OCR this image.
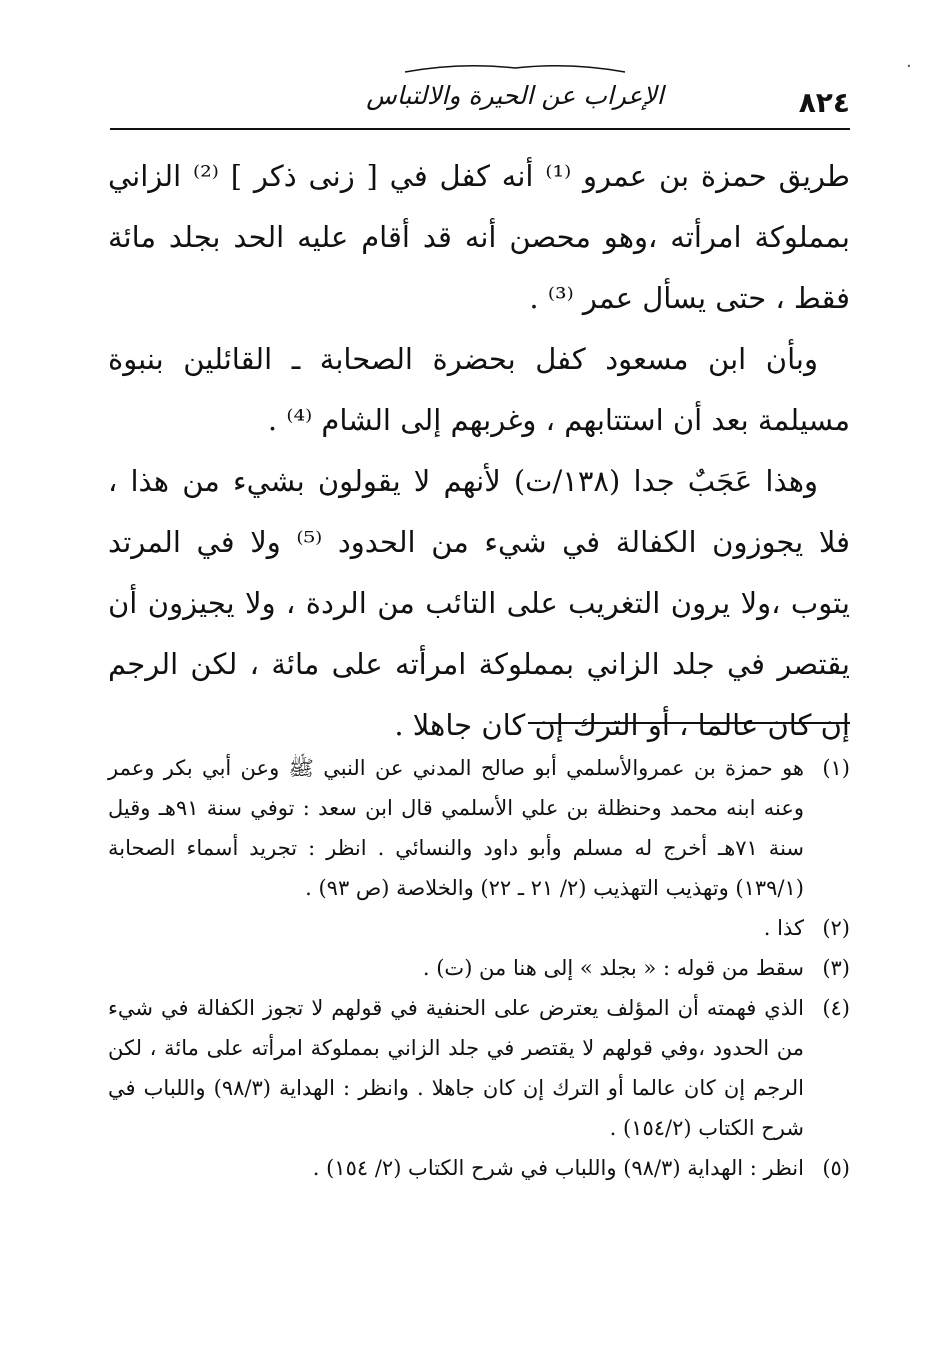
·
الإعراب عن الحيرة والالتباس	٨٢٤

طريق حمزة بن عمرو ⁽¹⁾ أنه كفل في [ زنى ذكر ] ⁽²⁾ الزاني بمملوكة امرأته ،وهو محصن أنه قد أقام عليه الحد بجلد مائة فقط ، حتى يسأل عمر ⁽³⁾ .

وبأن ابن مسعود كفل بحضرة الصحابة ـ القائلين بنبوة مسيلمة بعد أن استتابهم ، وغربهم إلى الشام ⁽⁴⁾ .

وهذا عَجَبٌ جدا (١٣٨/ت) لأنهم لا يقولون بشيء من هذا ، فلا يجوزون الكفالة في شيء من الحدود ⁽⁵⁾ ولا في المرتد يتوب ،ولا يرون التغريب على التائب من الردة ، ولا يجيزون أن يقتصر في جلد الزاني بمملوكة امرأته على مائة ، لكن الرجم إن كان عالما ، أو الترك إن كان جاهلا .

(١)
هو حمزة بن عمروالأسلمي أبو صالح المدني عن النبي ﷺ وعن أبي بكر وعمر وعنه ابنه محمد وحنظلة بن علي الأسلمي قال ابن سعد : توفي سنة ٩١هـ وقيل سنة ٧١هـ أخرج له مسلم وأبو داود والنسائي . انظر : تجريد أسماء الصحابة (١٣٩/١) وتهذيب التهذيب (٢/ ٢١ ـ ٢٢) والخلاصة (ص ٩٣) .
(٢)
كذا .
(٣)
سقط من قوله : « بجلد » إلى هنا من (ت) .
(٤)
الذي فهمته أن المؤلف يعترض على الحنفية في قولهم لا تجوز الكفالة في شيء من الحدود ،وفي قولهم لا يقتصر في جلد الزاني بمملوكة امرأته على مائة ، لكن الرجم إن كان عالما أو الترك إن كان جاهلا . وانظر : الهداية (٩٨/٣) واللباب في شرح الكتاب (١٥٤/٢) .
(٥)
انظر : الهداية (٩٨/٣) واللباب في شرح الكتاب (٢/ ١٥٤) .
